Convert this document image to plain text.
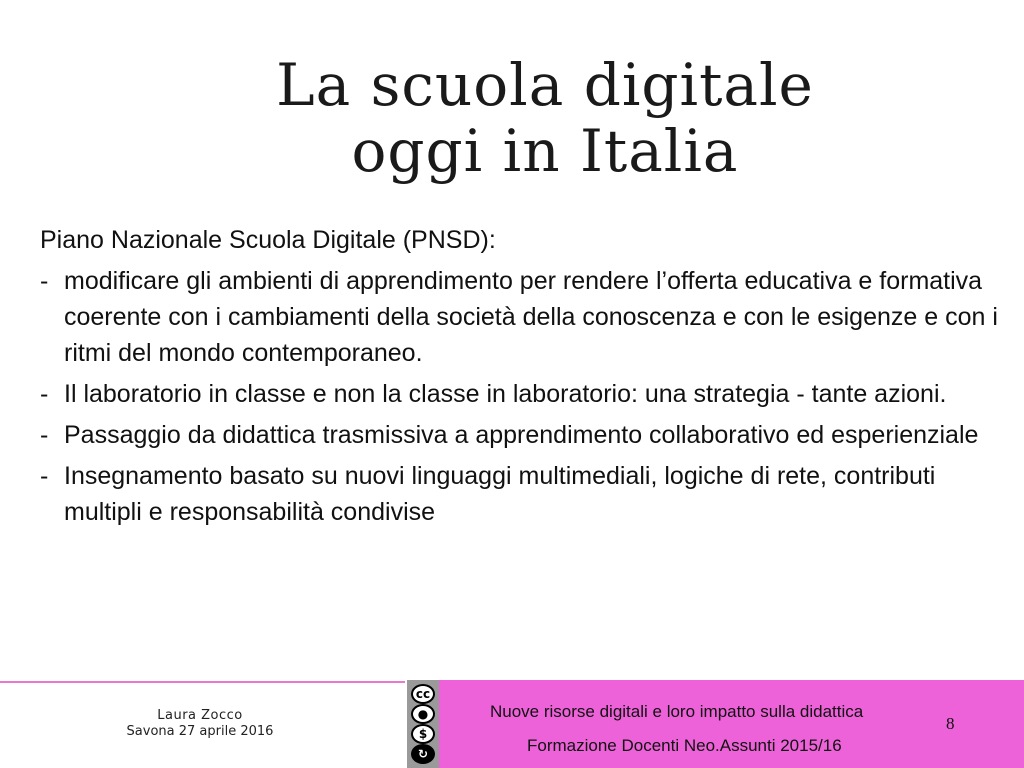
La scuola digitale
oggi in Italia

Piano Nazionale Scuola Digitale (PNSD):

- modificare gli ambienti di apprendimento per rendere l’offerta educativa e formativa coerente con i cambiamenti della società della conoscenza e con le esigenze e con i ritmi del mondo contemporaneo.
- Il laboratorio in classe e non la classe in laboratorio: una strategia - tante azioni.
- Passaggio da didattica trasmissiva a apprendimento collaborativo ed esperienziale
- Insegnamento basato su nuovi linguaggi multimediali, logiche di rete, contributi multipli e responsabilità condivise
Laura Zocco
Savona 27 aprile 2016
cc
●
$
↻
Nuove risorse digitali e loro impatto sulla didattica
Formazione Docenti Neo.Assunti 2015/16
8
